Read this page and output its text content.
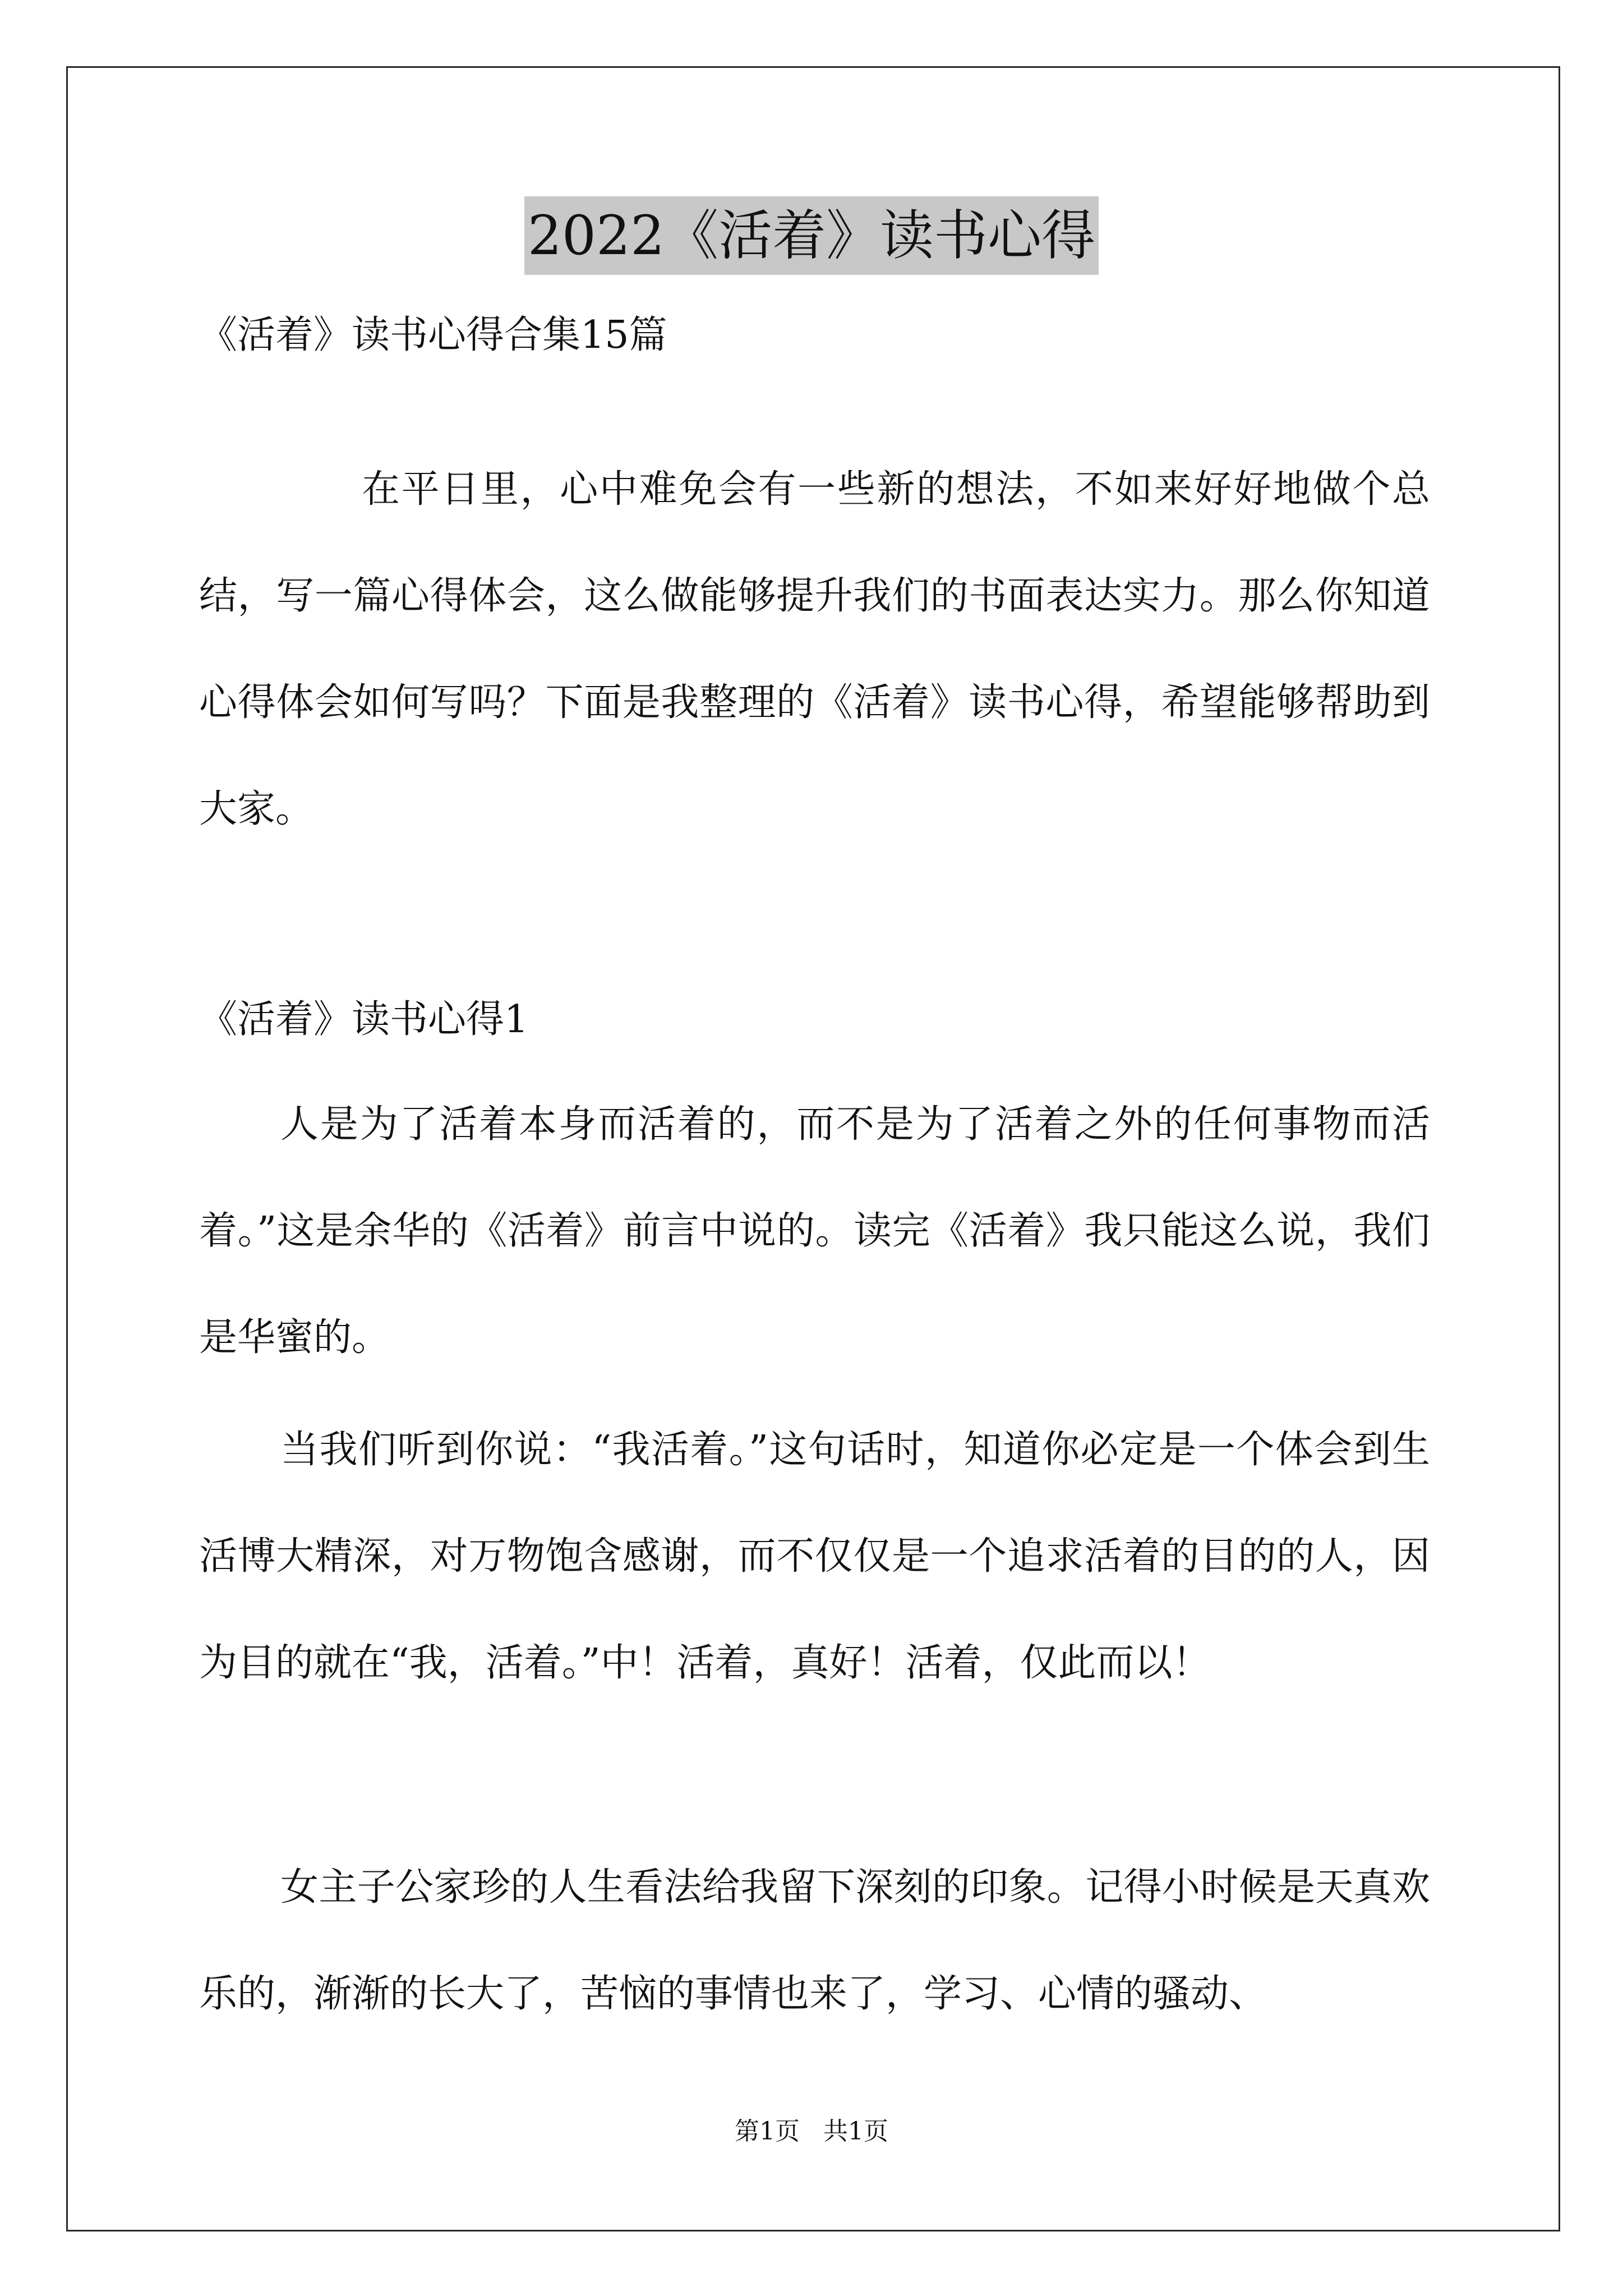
2022《活着》读书心得
《活着》读书心得合集15篇

在平日里，心中难免会有一些新的想法，不如来好好地做个总结，写一篇心得体会，这么做能够提升我们的书面表达实力。那么你知道心得体会如何写吗？下面是我整理的《活着》读书心得，希望能够帮助到大家。

《活着》读书心得1

人是为了活着本身而活着的，而不是为了活着之外的任何事物而活着。”这是余华的《活着》前言中说的。读完《活着》我只能这么说，我们是华蜜的。

当我们听到你说：“我活着。”这句话时，知道你必定是一个体会到生活博大精深，对万物饱含感谢，而不仅仅是一个追求活着的目的的人，因为目的就在“我，活着。”中！活着，真好！活着，仅此而以！

女主子公家珍的人生看法给我留下深刻的印象。记得小时候是天真欢乐的，渐渐的长大了，苦恼的事情也来了，学习、心情的骚动、

第1页   共1页
